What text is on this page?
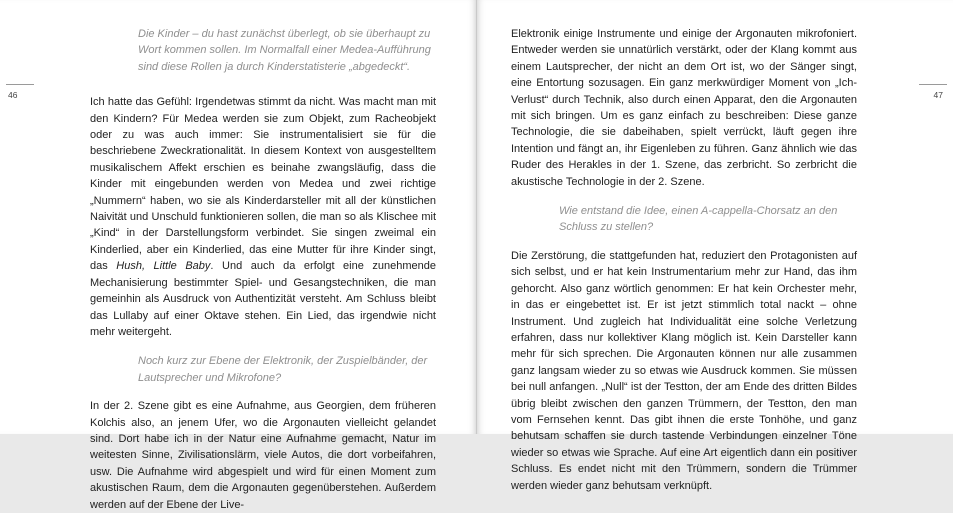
46

Die Kinder – du hast zunächst überlegt, ob sie überhaupt zu Wort kommen sollen. Im Normalfall einer Medea-Aufführung sind diese Rollen ja durch Kinderstatisterie „abgedeckt“.

Ich hatte das Gefühl: Irgendetwas stimmt da nicht. Was macht man mit den Kindern? Für Medea werden sie zum Objekt, zum Racheobjekt oder zu was auch immer: Sie instrumentalisiert sie für die beschriebene Zweckrationalität. In diesem Kontext von ausgestelltem musikalischem Affekt erschien es beinahe zwangsläufig, dass die Kinder mit eingebunden werden von Medea und zwei richtige „Nummern“ haben, wo sie als Kinderdarsteller mit all der künstlichen Naivität und Unschuld funktionieren sollen, die man so als Klischee mit „Kind“ in der Darstellungsform verbindet. Sie singen zweimal ein Kinderlied, aber ein Kinderlied, das eine Mutter für ihre Kinder singt, das Hush, Little Baby. Und auch da erfolgt eine zunehmende Mechanisierung bestimmter Spiel- und Gesangstechniken, die man gemeinhin als Ausdruck von Authentizität versteht. Am Schluss bleibt das Lullaby auf einer Oktave stehen. Ein Lied, das irgendwie nicht mehr weitergeht.

Noch kurz zur Ebene der Elektronik, der Zuspielbänder, der Lautsprecher und Mikrofone?

In der 2. Szene gibt es eine Aufnahme, aus Georgien, dem früheren Kolchis also, an jenem Ufer, wo die Argonauten vielleicht gelandet sind. Dort habe ich in der Natur eine Aufnahme gemacht, Natur im weitesten Sinne, Zivilisationslärm, viele Autos, die dort vorbeifahren, usw. Die Aufnahme wird abgespielt und wird für einen Moment zum akustischen Raum, dem die Argonauten gegenüberstehen. Außerdem werden auf der Ebene der Live-

47

Elektronik einige Instrumente und einige der Argonauten mikrofoniert. Entweder werden sie unnatürlich verstärkt, oder der Klang kommt aus einem Lautsprecher, der nicht an dem Ort ist, wo der Sänger singt, eine Entortung sozusagen. Ein ganz merkwürdiger Moment von „Ich-Verlust“ durch Technik, also durch einen Apparat, den die Argonauten mit sich bringen. Um es ganz einfach zu beschreiben: Diese ganze Technologie, die sie dabeihaben, spielt verrückt, läuft gegen ihre Intention und fängt an, ihr Eigenleben zu führen. Ganz ähnlich wie das Ruder des Herakles in der 1. Szene, das zerbricht. So zerbricht die akustische Technologie in der 2. Szene.

Wie entstand die Idee, einen A-cappella-Chorsatz an den Schluss zu stellen?

Die Zerstörung, die stattgefunden hat, reduziert den Protagonisten auf sich selbst, und er hat kein Instrumentarium mehr zur Hand, das ihm gehorcht. Also ganz wörtlich genommen: Er hat kein Orchester mehr, in das er eingebettet ist. Er ist jetzt stimmlich total nackt – ohne Instrument. Und zugleich hat Individualität eine solche Verletzung erfahren, dass nur kollektiver Klang möglich ist. Kein Darsteller kann mehr für sich sprechen. Die Argonauten können nur alle zusammen ganz langsam wieder zu so etwas wie Ausdruck kommen. Sie müssen bei null anfangen. „Null“ ist der Testton, der am Ende des dritten Bildes übrig bleibt zwischen den ganzen Trümmern, der Testton, den man vom Fernsehen kennt. Das gibt ihnen die erste Tonhöhe, und ganz behutsam schaffen sie durch tastende Verbindungen einzelner Töne wieder so etwas wie Sprache. Auf eine Art eigentlich dann ein positiver Schluss. Es endet nicht mit den Trümmern, sondern die Trümmer werden wieder ganz behutsam verknüpft.
